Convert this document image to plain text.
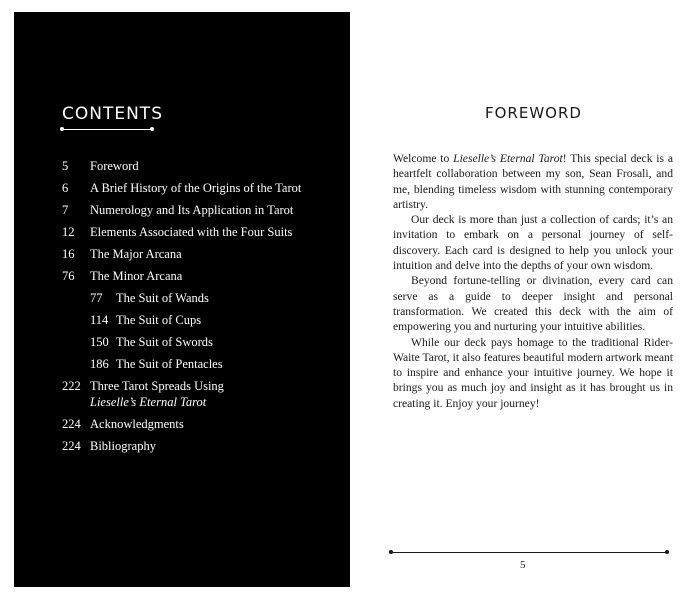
CONTENTS
5	Foreword
6	A Brief History of the Origins of the Tarot
7	Numerology and Its Application in Tarot
12	Elements Associated with the Four Suits
16	The Major Arcana
76	The Minor Arcana
77	The Suit of Wands
114 The Suit of Cups
150 The Suit of Swords
186 The Suit of Pentacles
222 Three Tarot Spreads Using
Lieselle’s Eternal Tarot
224 Acknowledgments
224 Bibliography
FOREWORD

Welcome to Lieselle’s Eternal Tarot! This special deck is a heartfelt collaboration between my son, Sean Frosali, and me, blending timeless wisdom with stunning contemporary artistry.

Our deck is more than just a collection of cards; it’s an invitation to embark on a personal journey of self-discovery. Each card is designed to help you unlock your intuition and delve into the depths of your own wisdom.

Beyond fortune-telling or divination, every card can serve as a guide to deeper insight and personal transformation. We created this deck with the aim of empowering you and nurturing your intuitive abilities.

While our deck pays homage to the traditional Rider-Waite Tarot, it also features beautiful modern artwork meant to inspire and enhance your intuitive journey. We hope it brings you as much joy and insight as it has brought us in creating it. Enjoy your journey!

5
